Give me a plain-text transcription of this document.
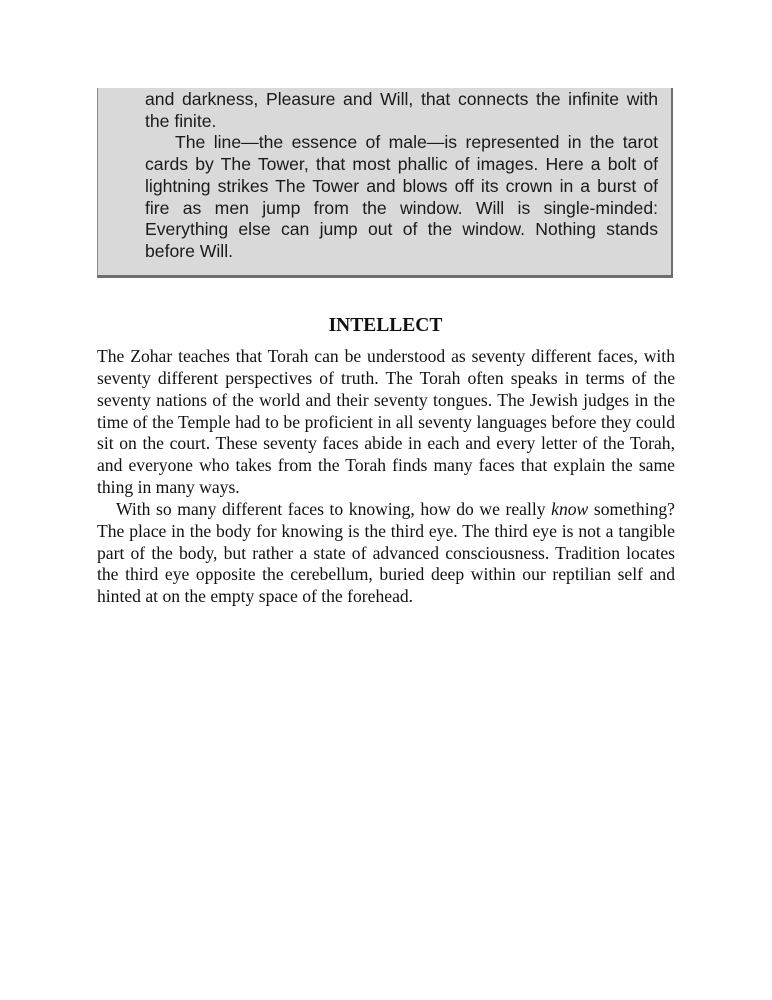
and darkness, Pleasure and Will, that connects the infinite with the finite.

The line—the essence of male—is represented in the tarot cards by The Tower, that most phallic of images. Here a bolt of lightning strikes The Tower and blows off its crown in a burst of fire as men jump from the window. Will is single-minded: Everything else can jump out of the window. Nothing stands before Will.

INTELLECT

The Zohar teaches that Torah can be understood as seventy different faces, with seventy different perspectives of truth. The Torah often speaks in terms of the seventy nations of the world and their seventy tongues. The Jewish judges in the time of the Temple had to be proficient in all seventy languages before they could sit on the court. These seventy faces abide in each and every letter of the Torah, and everyone who takes from the Torah finds many faces that explain the same thing in many ways.

With so many different faces to knowing, how do we really know something? The place in the body for knowing is the third eye. The third eye is not a tangible part of the body, but rather a state of advanced consciousness. Tradition locates the third eye opposite the cerebellum, buried deep within our reptilian self and hinted at on the empty space of the forehead.
